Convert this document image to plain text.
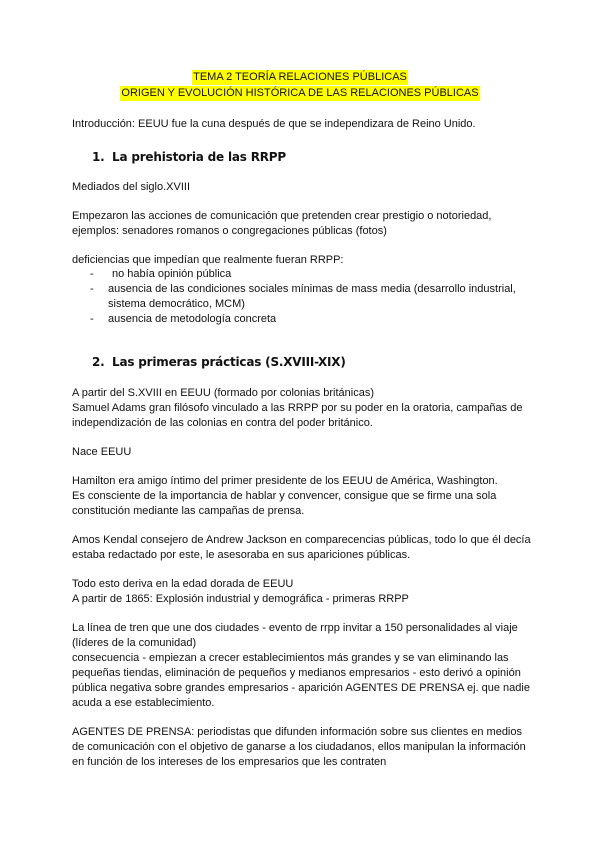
TEMA 2 TEORÍA RELACIONES PÚBLICAS
ORIGEN Y EVOLUCIÓN HISTÓRICA DE LAS RELACIONES PÚBLICAS

Introducción: EEUU fue la cuna después de que se independizara de Reino Unido.

1. La prehistoria de las RRPP

Mediados del siglo.XVIII

Empezaron las acciones de comunicación que pretenden crear prestigio o notoriedad,
ejemplos: senadores romanos o congregaciones públicas (fotos)

deficiencias que impedían que realmente fueran RRPP:

- no había opinión pública
- ausencia de las condiciones sociales mínimas de mass media (desarrollo industrial, sistema democrático, MCM)
- ausencia de metodología concreta
2. Las primeras prácticas (S.XVIII-XIX)
A partir del S.XVIII en EEUU (formado por colonias británicas)
Samuel Adams gran filósofo vinculado a las RRPP por su poder en la oratoria, campañas de independización de las colonias en contra del poder británico.

Nace EEUU

Hamilton era amigo íntimo del primer presidente de los EEUU de América, Washington.
Es consciente de la importancia de hablar y convencer, consigue que se firme una sola constitución mediante las campañas de prensa.

Amos Kendal consejero de Andrew Jackson en comparecencias públicas, todo lo que él decía estaba redactado por este, le asesoraba en sus apariciones públicas.

Todo esto deriva en la edad dorada de EEUU
A partir de 1865: Explosión industrial y demográfica - primeras RRPP
La línea de tren que une dos ciudades - evento de rrpp invitar a 150 personalidades al viaje (líderes de la comunidad)
consecuencia - empiezan a crecer establecimientos más grandes y se van eliminando las pequeñas tiendas, eliminación de pequeños y medianos empresarios - esto derivó a opinión pública negativa sobre grandes empresarios - aparición AGENTES DE PRENSA ej. que nadie acuda a ese establecimiento.

AGENTES DE PRENSA: periodistas que difunden información sobre sus clientes en medios de comunicación con el objetivo de ganarse a los ciudadanos, ellos manipulan la información en función de los intereses de los empresarios que les contraten
